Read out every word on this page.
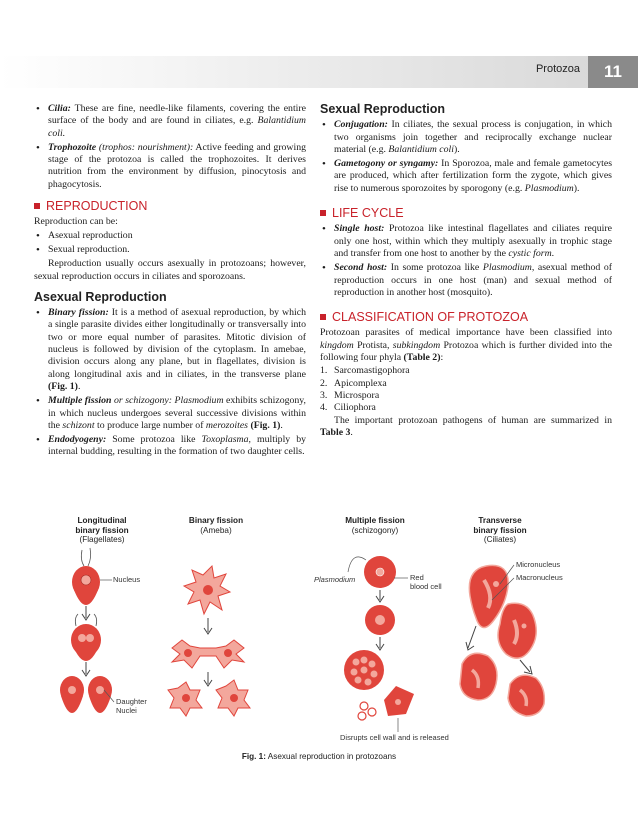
Protozoa	11
• Cilia: These are fine, needle-like filaments, covering the entire surface of the body and are found in ciliates, e.g. Balantidium coli.
• Trophozoite (trophos: nourishment): Active feeding and growing stage of the protozoa is called the trophozoites. It derives nutrition from the environment by diffusion, pinocytosis and phagocytosis.
REPRODUCTION
Reproduction can be:
• Asexual reproduction
• Sexual reproduction.
Reproduction usually occurs asexually in protozoans; however, sexual reproduction occurs in ciliates and sporozoans.
Asexual Reproduction
• Binary fission: It is a method of asexual reproduction, by which a single parasite divides either longitudinally or transversally into two or more equal number of parasites. Mitotic division of nucleus is followed by division of the cytoplasm. In amebae, division occurs along any plane, but in flagellates, division is along longitudinal axis and in ciliates, in the transverse plane (Fig. 1).
• Multiple fission or schizogony: Plasmodium exhibits schizogony, in which nucleus undergoes several successive divisions within the schizont to produce large number of merozoites (Fig. 1).
• Endodyogeny: Some protozoa like Toxoplasma, multiply by internal budding, resulting in the formation of two daughter cells.
Sexual Reproduction
• Conjugation: In ciliates, the sexual process is conjugation, in which two organisms join together and reciprocally exchange nuclear material (e.g. Balantidium coli).
• Gametogony or syngamy: In Sporozoa, male and female gametocytes are produced, which after fertilization form the zygote, which gives rise to numerous sporozoites by sporogony (e.g. Plasmodium).
LIFE CYCLE
• Single host: Protozoa like intestinal flagellates and ciliates require only one host, within which they multiply asexually in trophic stage and transfer from one host to another by the cystic form.
• Second host: In some protozoa like Plasmodium, asexual method of reproduction occurs in one host (man) and sexual method of reproduction in another host (mosquito).
CLASSIFICATION OF PROTOZOA
Protozoan parasites of medical importance have been classified into kingdom Protista, subkingdom Protozoa which is further divided into the following four phyla (Table 2):
1. Sarcomastigophora
2. Apicomplexa
3. Microspora
4. Ciliophora
The important protozoan pathogens of human are summarized in Table 3.
Longitudinal
binary fission
(Flagellates)
Binary fission
(Ameba)
Multiple fission
(schizogony)
Transverse
binary fission
(Ciliates)
Nucleus
Daughter
Nuclei
Plasmodium	Red
blood cell
Micronucleus
Macronucleus
Disrupts cell wall and is released
Fig. 1: Asexual reproduction in protozoans
